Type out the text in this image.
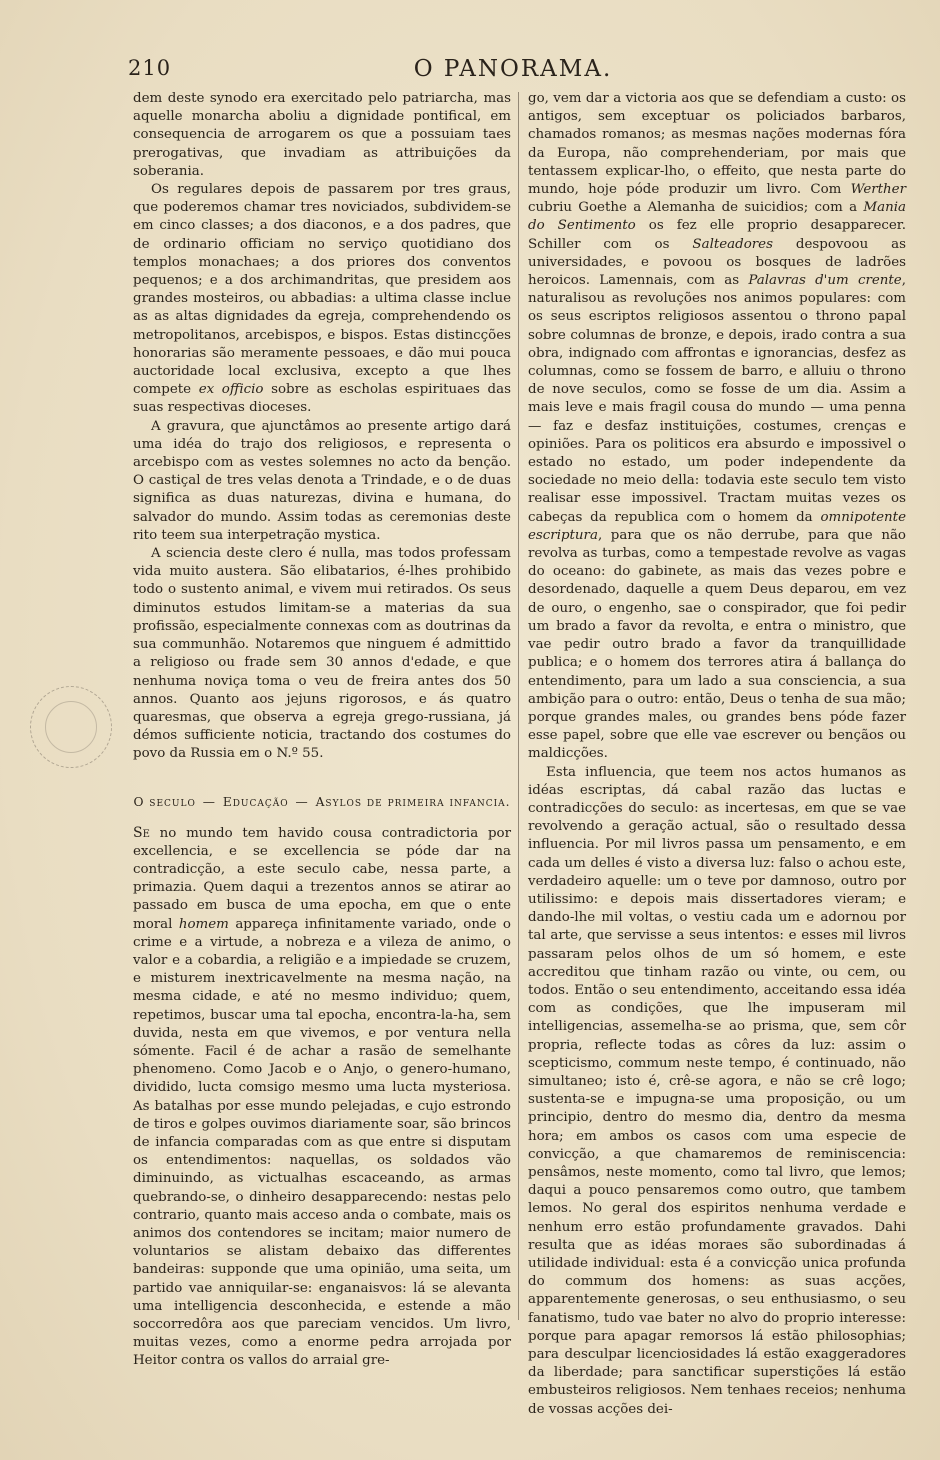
210	O PANORAMA.

dem deste synodo era exercitado pelo patriarcha, mas aquelle monarcha aboliu a dignidade pontifical, em consequencia de arrogarem os que a possuiam taes prerogativas, que invadiam as attribuições da soberania.

Os regulares depois de passarem por tres graus, que poderemos chamar tres noviciados, subdividem-se em cinco classes; a dos diaconos, e a dos padres, que de ordinario officiam no serviço quotidiano dos templos monachaes; a dos priores dos conventos pequenos; e a dos archimandritas, que presidem aos grandes mosteiros, ou abbadias: a ultima classe inclue as as altas dignidades da egreja, comprehendendo os metropolitanos, arcebispos, e bispos. Estas distincções honorarias são meramente pessoaes, e dão mui pouca auctoridade local exclusiva, excepto a que lhes compete ex officio sobre as escholas espirituaes das suas respectivas dioceses.

A gravura, que ajunctâmos ao presente artigo dará uma idéa do trajo dos religiosos, e representa o arcebispo com as vestes solemnes no acto da benção. O castiçal de tres velas denota a Trindade, e o de duas significa as duas naturezas, divina e humana, do salvador do mundo. Assim todas as ceremonias deste rito teem sua interpetração mystica.

A sciencia deste clero é nulla, mas todos professam vida muito austera. São elibatarios, é-lhes prohibido todo o sustento animal, e vivem mui retirados. Os seus diminutos estudos limitam-se a materias da sua profissão, especialmente connexas com as doutrinas da sua communhão. Notaremos que ninguem é admittido a religioso ou frade sem 30 annos d'edade, e que nenhuma noviça toma o veu de freira antes dos 50 annos. Quanto aos jejuns rigorosos, e ás quatro quaresmas, que observa a egreja grego-russiana, já démos sufficiente noticia, tractando dos costumes do povo da Russia em o N.º 55.

O seculo — Educação — Asylos de primeira infancia.

Se no mundo tem havido cousa contradictoria por excellencia, e se excellencia se póde dar na contradicção, a este seculo cabe, nessa parte, a primazia. Quem daqui a trezentos annos se atirar ao passado em busca de uma epocha, em que o ente moral homem appareça infinitamente variado, onde o crime e a virtude, a nobreza e a vileza de animo, o valor e a cobardia, a religião e a impiedade se cruzem, e misturem inextricavelmente na mesma nação, na mesma cidade, e até no mesmo individuo; quem, repetimos, buscar uma tal epocha, encontra-la-ha, sem duvida, nesta em que vivemos, e por ventura nella sómente. Facil é de achar a rasão de semelhante phenomeno. Como Jacob e o Anjo, o genero-humano, dividido, lucta comsigo mesmo uma lucta mysteriosa. As batalhas por esse mundo pelejadas, e cujo estrondo de tiros e golpes ouvimos diariamente soar, são brincos de infancia comparadas com as que entre si disputam os entendimentos: naquellas, os soldados vão diminuindo, as victualhas escaceando, as armas quebrando-se, o dinheiro desapparecendo: nestas pelo contrario, quanto mais acceso anda o combate, mais os animos dos contendores se incitam; maior numero de voluntarios se alistam debaixo das differentes bandeiras: supponde que uma opinião, uma seita, um partido vae anniquilar-se: enganaisvos: lá se alevanta uma intelligencia desconhecida, e estende a mão soccorredôra aos que pareciam vencidos. Um livro, muitas vezes, como a enorme pedra arrojada por Heitor contra os vallos do arraial gre-

go, vem dar a victoria aos que se defendiam a custo: os antigos, sem exceptuar os policiados barbaros, chamados romanos; as mesmas nações modernas fóra da Europa, não comprehenderiam, por mais que tentassem explicar-lho, o effeito, que nesta parte do mundo, hoje póde produzir um livro. Com Werther cubriu Goethe a Alemanha de suicidios; com a Mania do Sentimento os fez elle proprio desapparecer. Schiller com os Salteadores despovoou as universidades, e povoou os bosques de ladrões heroicos. Lamennais, com as Palavras d'um crente, naturalisou as revoluções nos animos populares: com os seus escriptos religiosos assentou o throno papal sobre columnas de bronze, e depois, irado contra a sua obra, indignado com affrontas e ignorancias, desfez as columnas, como se fossem de barro, e alluiu o throno de nove seculos, como se fosse de um dia. Assim a mais leve e mais fragil cousa do mundo — uma penna — faz e desfaz instituições, costumes, crenças e opiniões. Para os politicos era absurdo e impossivel o estado no estado, um poder independente da sociedade no meio della: todavia este seculo tem visto realisar esse impossivel. Tractam muitas vezes os cabeças da republica com o homem da omnipotente escriptura, para que os não derrube, para que não revolva as turbas, como a tempestade revolve as vagas do oceano: do gabinete, as mais das vezes pobre e desordenado, daquelle a quem Deus deparou, em vez de ouro, o engenho, sae o conspirador, que foi pedir um brado a favor da revolta, e entra o ministro, que vae pedir outro brado a favor da tranquillidade publica; e o homem dos terrores atira á ballança do entendimento, para um lado a sua consciencia, a sua ambição para o outro: então, Deus o tenha de sua mão; porque grandes males, ou grandes bens póde fazer esse papel, sobre que elle vae escrever ou bençãos ou maldicções.

Esta influencia, que teem nos actos humanos as idéas escriptas, dá cabal razão das luctas e contradicções do seculo: as incertesas, em que se vae revolvendo a geração actual, são o resultado dessa influencia. Por mil livros passa um pensamento, e em cada um delles é visto a diversa luz: falso o achou este, verdadeiro aquelle: um o teve por damnoso, outro por utilissimo: e depois mais dissertadores vieram; e dando-lhe mil voltas, o vestiu cada um e adornou por tal arte, que servisse a seus intentos: e esses mil livros passaram pelos olhos de um só homem, e este accreditou que tinham razão ou vinte, ou cem, ou todos. Então o seu entendimento, acceitando essa idéa com as condições, que lhe impuseram mil intelligencias, assemelha-se ao prisma, que, sem côr propria, reflecte todas as côres da luz: assim o scepticismo, commum neste tempo, é continuado, não simultaneo; isto é, crê-se agora, e não se crê logo; sustenta-se e impugna-se uma proposição, ou um principio, dentro do mesmo dia, dentro da mesma hora; em ambos os casos com uma especie de convicção, a que chamaremos de reminiscencia: pensâmos, neste momento, como tal livro, que lemos; daqui a pouco pensaremos como outro, que tambem lemos. No geral dos espiritos nenhuma verdade e nenhum erro estão profundamente gravados. Dahi resulta que as idéas moraes são subordinadas á utilidade individual: esta é a convicção unica profunda do commum dos homens: as suas acções, apparentemente generosas, o seu enthusiasmo, o seu fanatismo, tudo vae bater no alvo do proprio interesse: porque para apagar remorsos lá estão philosophias; para desculpar licenciosidades lá estão exaggeradores da liberdade; para sanctificar superstições lá estão embusteiros religiosos. Nem tenhaes receios; nenhuma de vossas acções dei-
